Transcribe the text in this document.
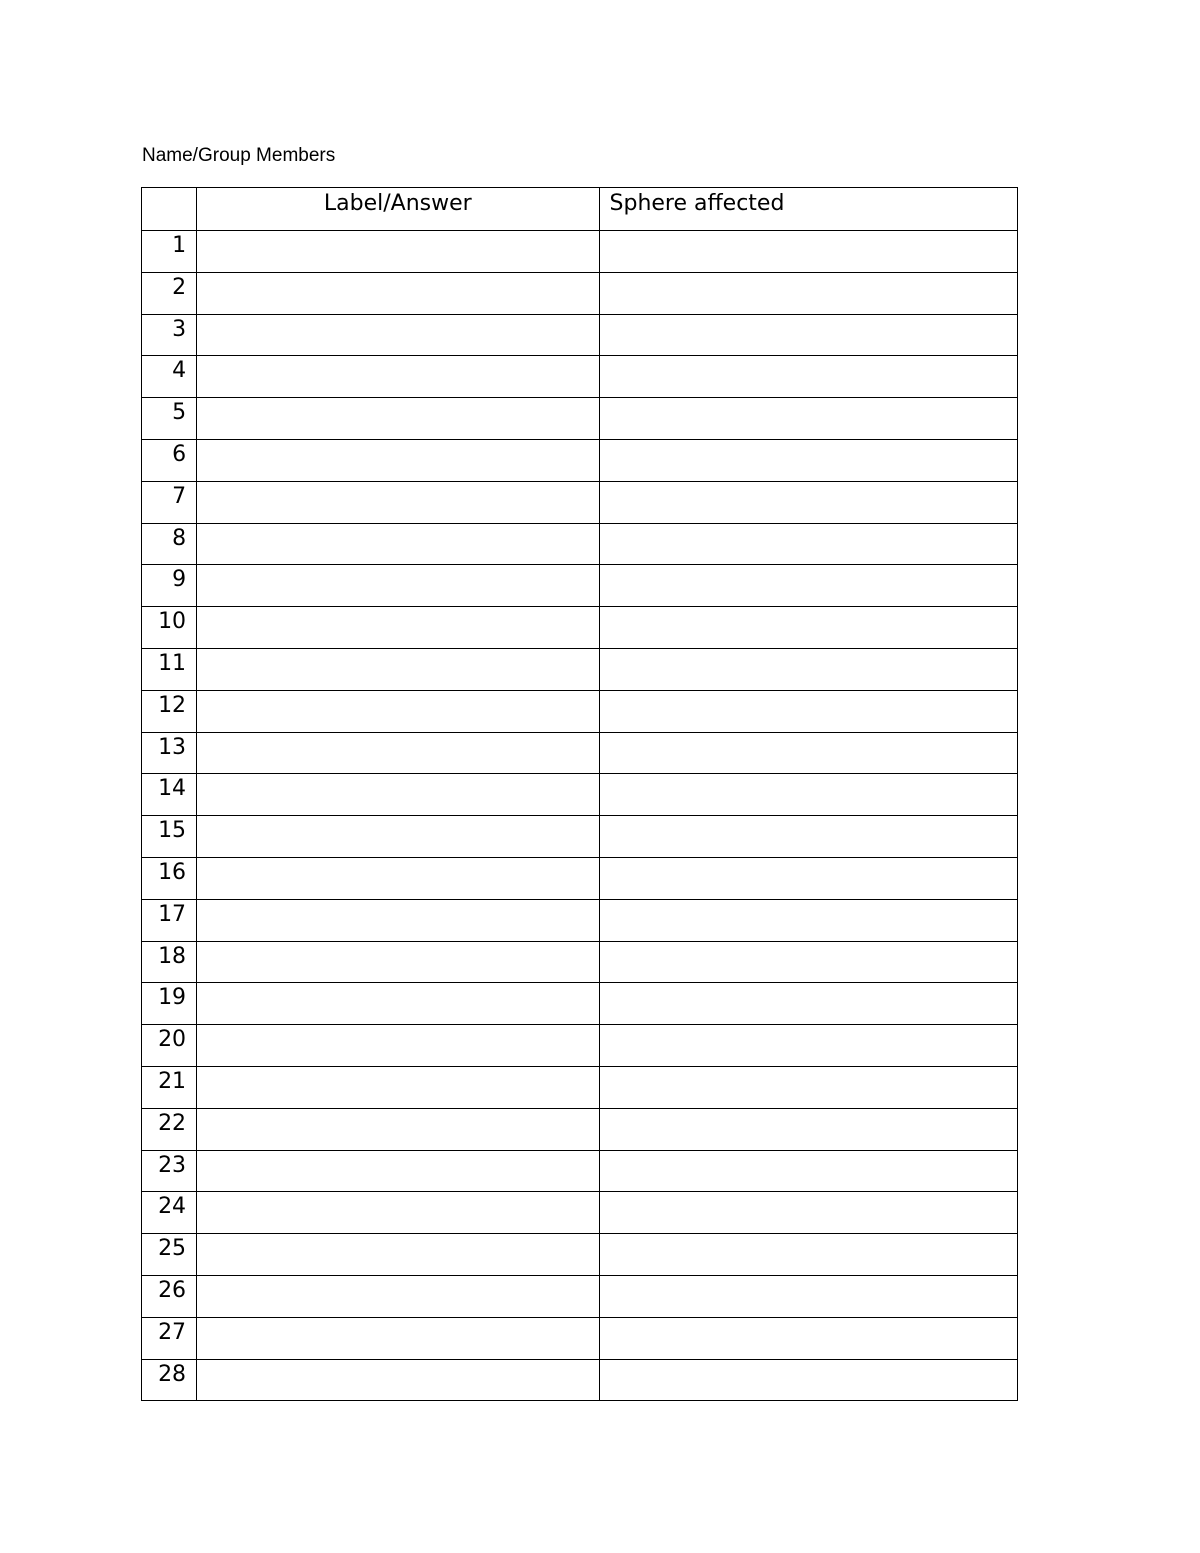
Name/Group Members
	Label/Answer	Sphere affected
1		
2		
3		
4		
5		
6		
7		
8		
9		
10		
11		
12		
13		
14		
15		
16		
17		
18		
19		
20		
21		
22		
23		
24		
25		
26		
27		
28		
